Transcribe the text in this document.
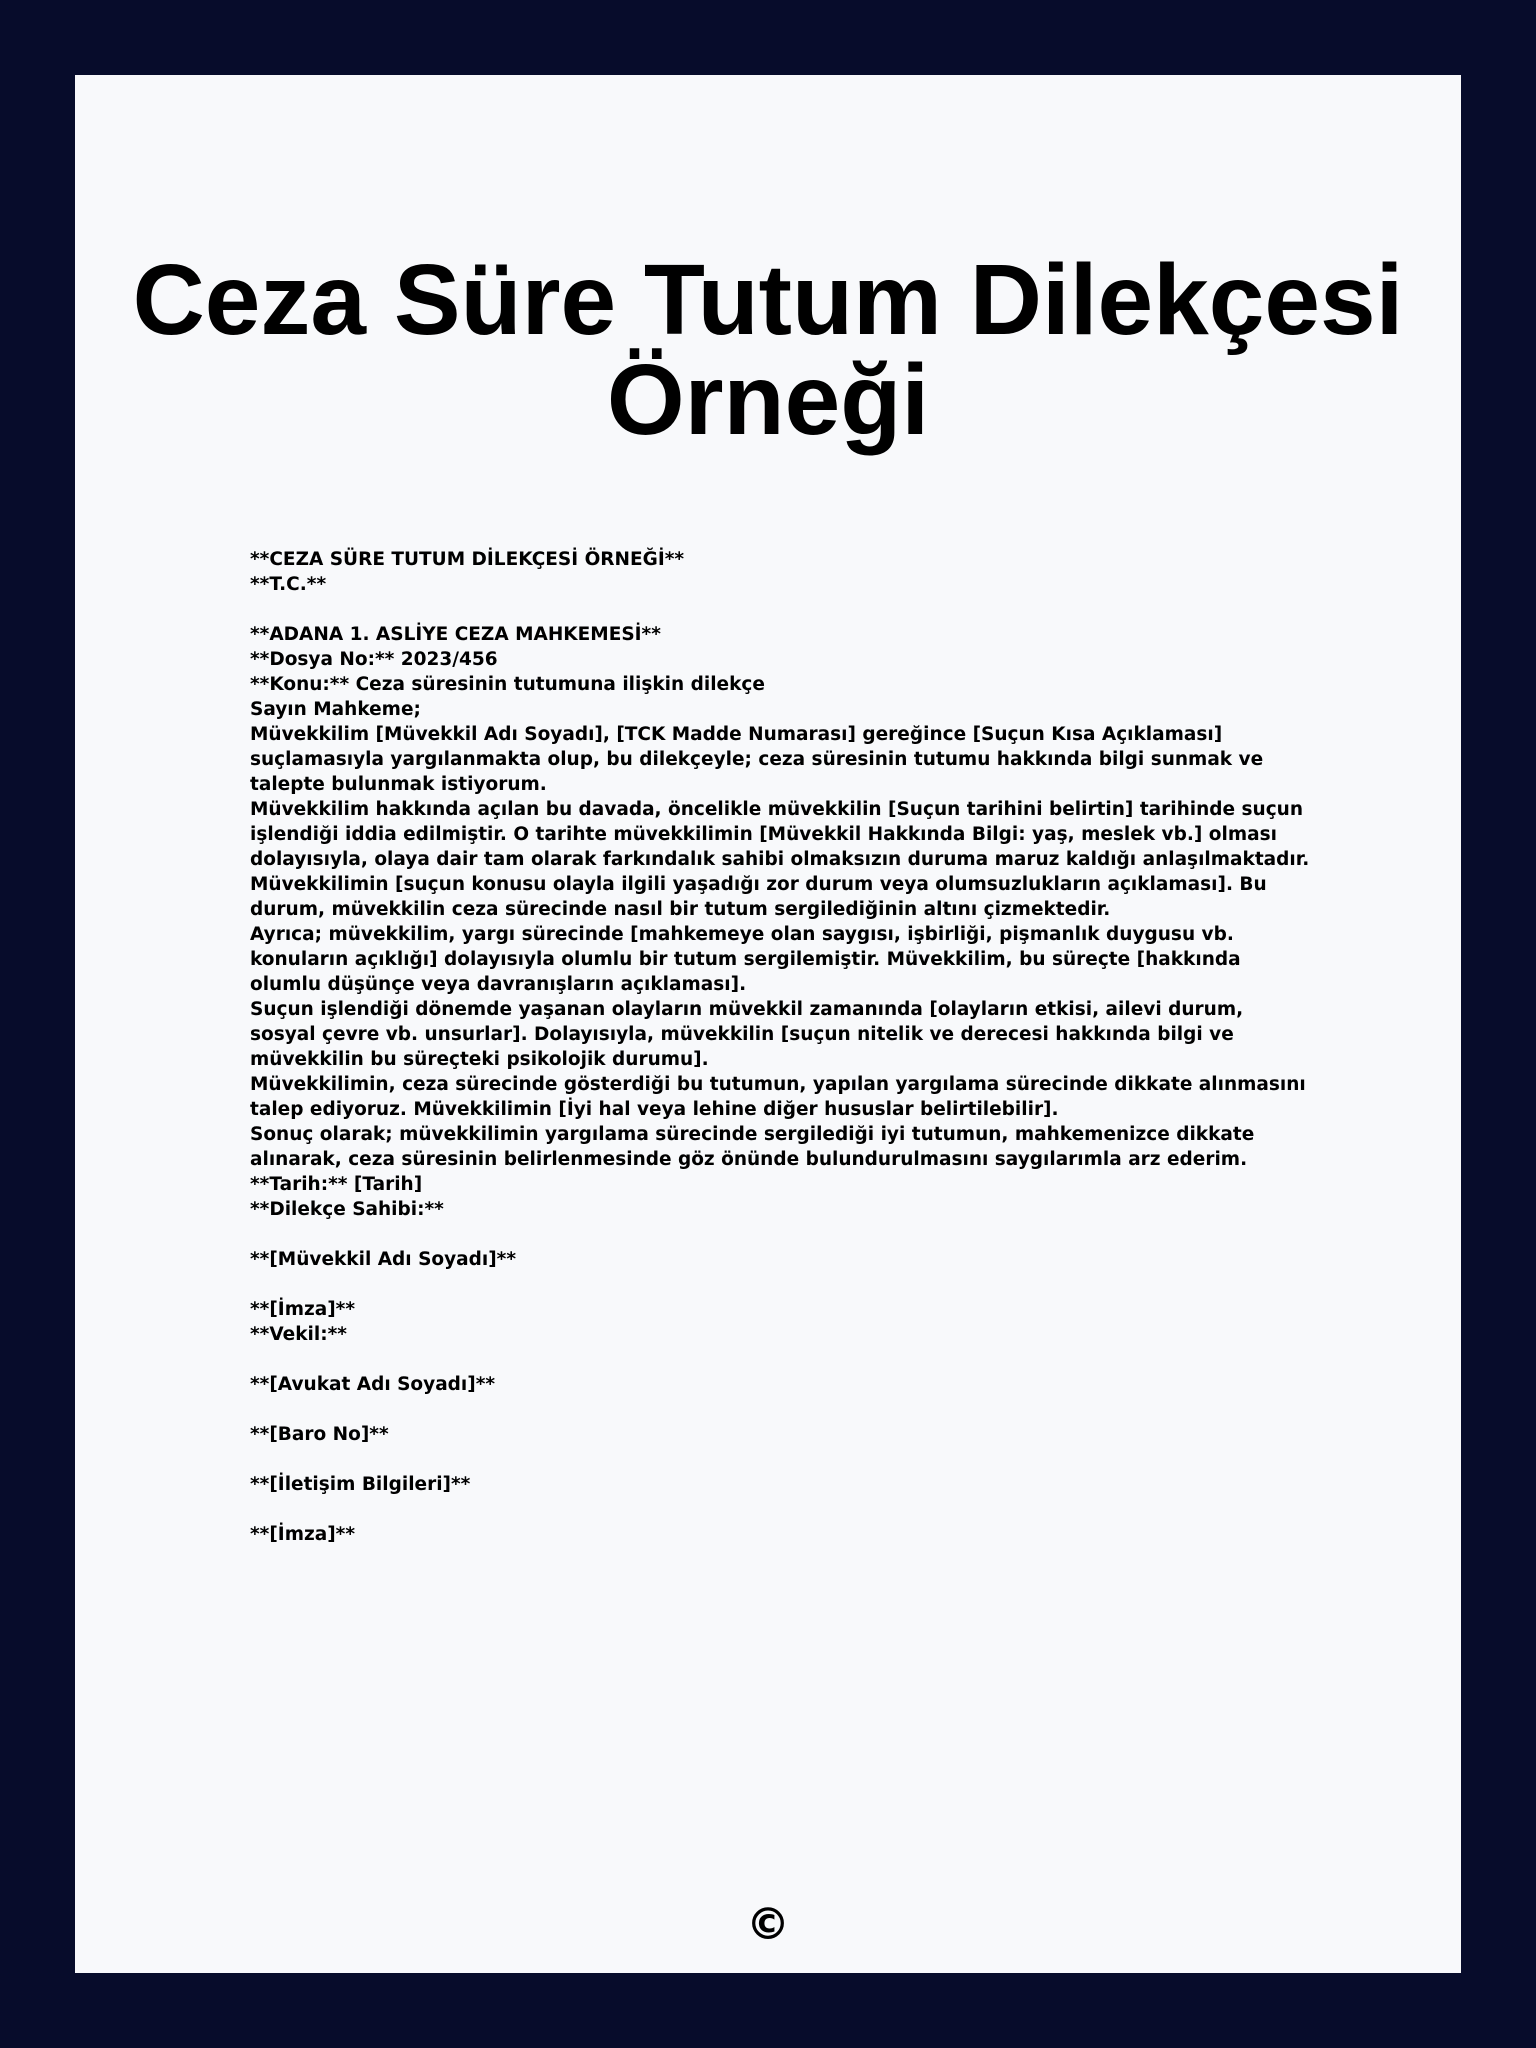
Ceza Süre Tutum Dilekçesi
Örneği

**CEZA SÜRE TUTUM DİLEKÇESİ ÖRNEĞİ**

**T.C.**

**ADANA 1. ASLİYE CEZA MAHKEMESİ**

**Dosya No:** 2023/456

**Konu:** Ceza süresinin tutumuna ilişkin dilekçe

Sayın Mahkeme;

Müvekkilim [Müvekkil Adı Soyadı], [TCK Madde Numarası] gereğince [Suçun Kısa Açıklaması] suçlamasıyla yargılanmakta olup, bu dilekçeyle; ceza süresinin tutumu hakkında bilgi sunmak ve talepte bulunmak istiyorum.

Müvekkilim hakkında açılan bu davada, öncelikle müvekkilin [Suçun tarihini belirtin] tarihinde suçun işlendiği iddia edilmiştir. O tarihte müvekkilimin [Müvekkil Hakkında Bilgi: yaş, meslek vb.] olması dolayısıyla, olaya dair tam olarak farkındalık sahibi olmaksızın duruma maruz kaldığı anlaşılmaktadır. Müvekkilimin [suçun konusu olayla ilgili yaşadığı zor durum veya olumsuzlukların açıklaması]. Bu durum, müvekkilin ceza sürecinde nasıl bir tutum sergilediğinin altını çizmektedir.

Ayrıca; müvekkilim, yargı sürecinde [mahkemeye olan saygısı, işbirliği, pişmanlık duygusu vb. konuların açıklığı] dolayısıyla olumlu bir tutum sergilemiştir. Müvekkilim, bu süreçte [hakkında olumlu düşünçe veya davranışların açıklaması].

Suçun işlendiği dönemde yaşanan olayların müvekkil zamanında [olayların etkisi, ailevi durum, sosyal çevre vb. unsurlar]. Dolayısıyla, müvekkilin [suçun nitelik ve derecesi hakkında bilgi ve müvekkilin bu süreçteki psikolojik durumu].

Müvekkilimin, ceza sürecinde gösterdiği bu tutumun, yapılan yargılama sürecinde dikkate alınmasını talep ediyoruz. Müvekkilimin [İyi hal veya lehine diğer hususlar belirtilebilir].

Sonuç olarak; müvekkilimin yargılama sürecinde sergilediği iyi tutumun, mahkemenizce dikkate alınarak, ceza süresinin belirlenmesinde göz önünde bulundurulmasını saygılarımla arz ederim.

**Tarih:** [Tarih]

**Dilekçe Sahibi:**

**[Müvekkil Adı Soyadı]**

**[İmza]**

**Vekil:**

**[Avukat Adı Soyadı]**

**[Baro No]**

**[İletişim Bilgileri]**

**[İmza]**

©
